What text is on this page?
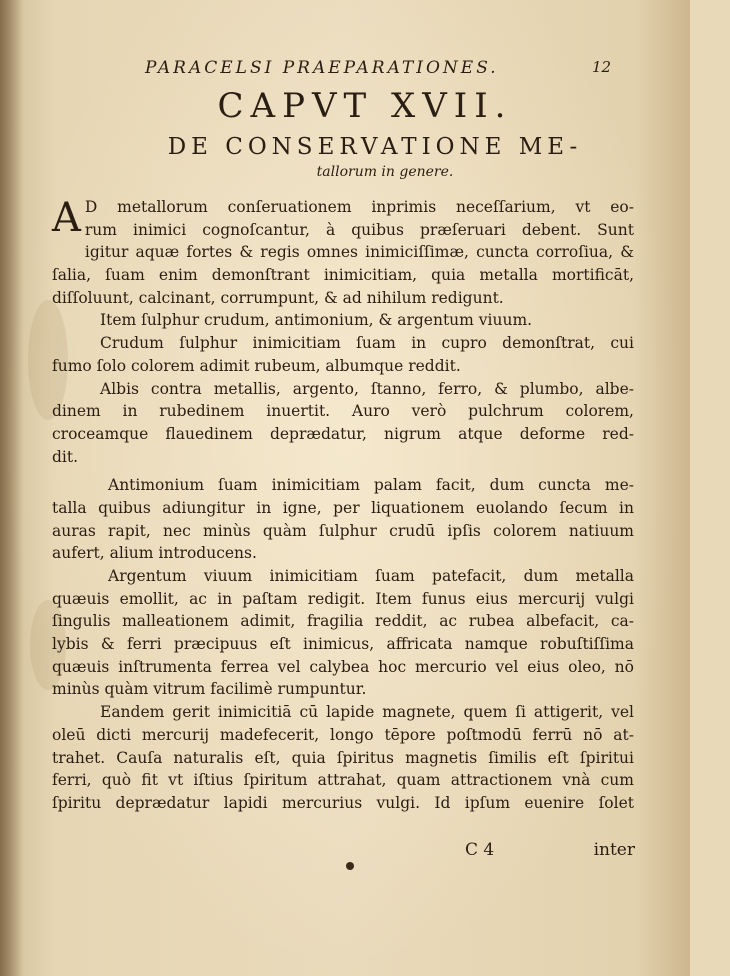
PARACELSI PRAEPARATIONES.	12
CAPVT XVII.
DE CONSERVATIONE ME-
tallorum in genere.
A D metallorum conſeruationem inprimis neceſſarium, vt eo-
rum inimici cognoſcantur, à quibus præſeruari debent. Sunt
igitur aquæ fortes & regis omnes inimiciſſimæ, cuncta corroſiua, &
ſalia, ſuam enim demonſtrant inimicitiam, quia metalla mortificāt,
diſſoluunt, calcinant, corrumpunt, & ad nihilum redigunt.
Item ſulphur crudum, antimonium, & argentum viuum.
Crudum ſulphur inimicitiam ſuam in cupro demonſtrat, cui
fumo ſolo colorem adimit rubeum, albumque reddit.
Albis contra metallis, argento, ſtanno, ferro, & plumbo, albe-
dinem in rubedinem inuertit. Auro verò pulchrum colorem,
croceamque flauedinem deprædatur, nigrum atque deforme red-
dit.
Antimonium ſuam inimicitiam palam facit, dum cuncta me-
talla quibus adiungitur in igne, per liquationem euolando ſecum in
auras rapit, nec minùs quàm ſulphur crudū ipſis colorem natiuum
aufert, alium introducens.
Argentum viuum inimicitiam ſuam patefacit, dum metalla
quæuis emollit, ac in paſtam redigit. Item funus eius mercurij vulgi
ſingulis malleationem adimit, fragilia reddit, ac rubea albefacit, ca-
lybis & ferri præcipuus eſt inimicus, affricata namque robuſtiſſima
quæuis inſtrumenta ferrea vel calybea hoc mercurio vel eius oleo, nō
minùs quàm vitrum facilimè rumpuntur.
Eandem gerit inimicitiā cū lapide magnete, quem ſi attigerit, vel
oleū dicti mercurij madefecerit, longo tēpore poſtmodū ferrū nō at-
trahet. Cauſa naturalis eſt, quia ſpiritus magnetis ſimilis eſt ſpiritui
ferri, quò fit vt iſtius ſpiritum attrahat, quam attractionem vnà cum
ſpiritu deprædatur lapidi mercurius vulgi. Id ipſum euenire ſolet
C 4	inter
